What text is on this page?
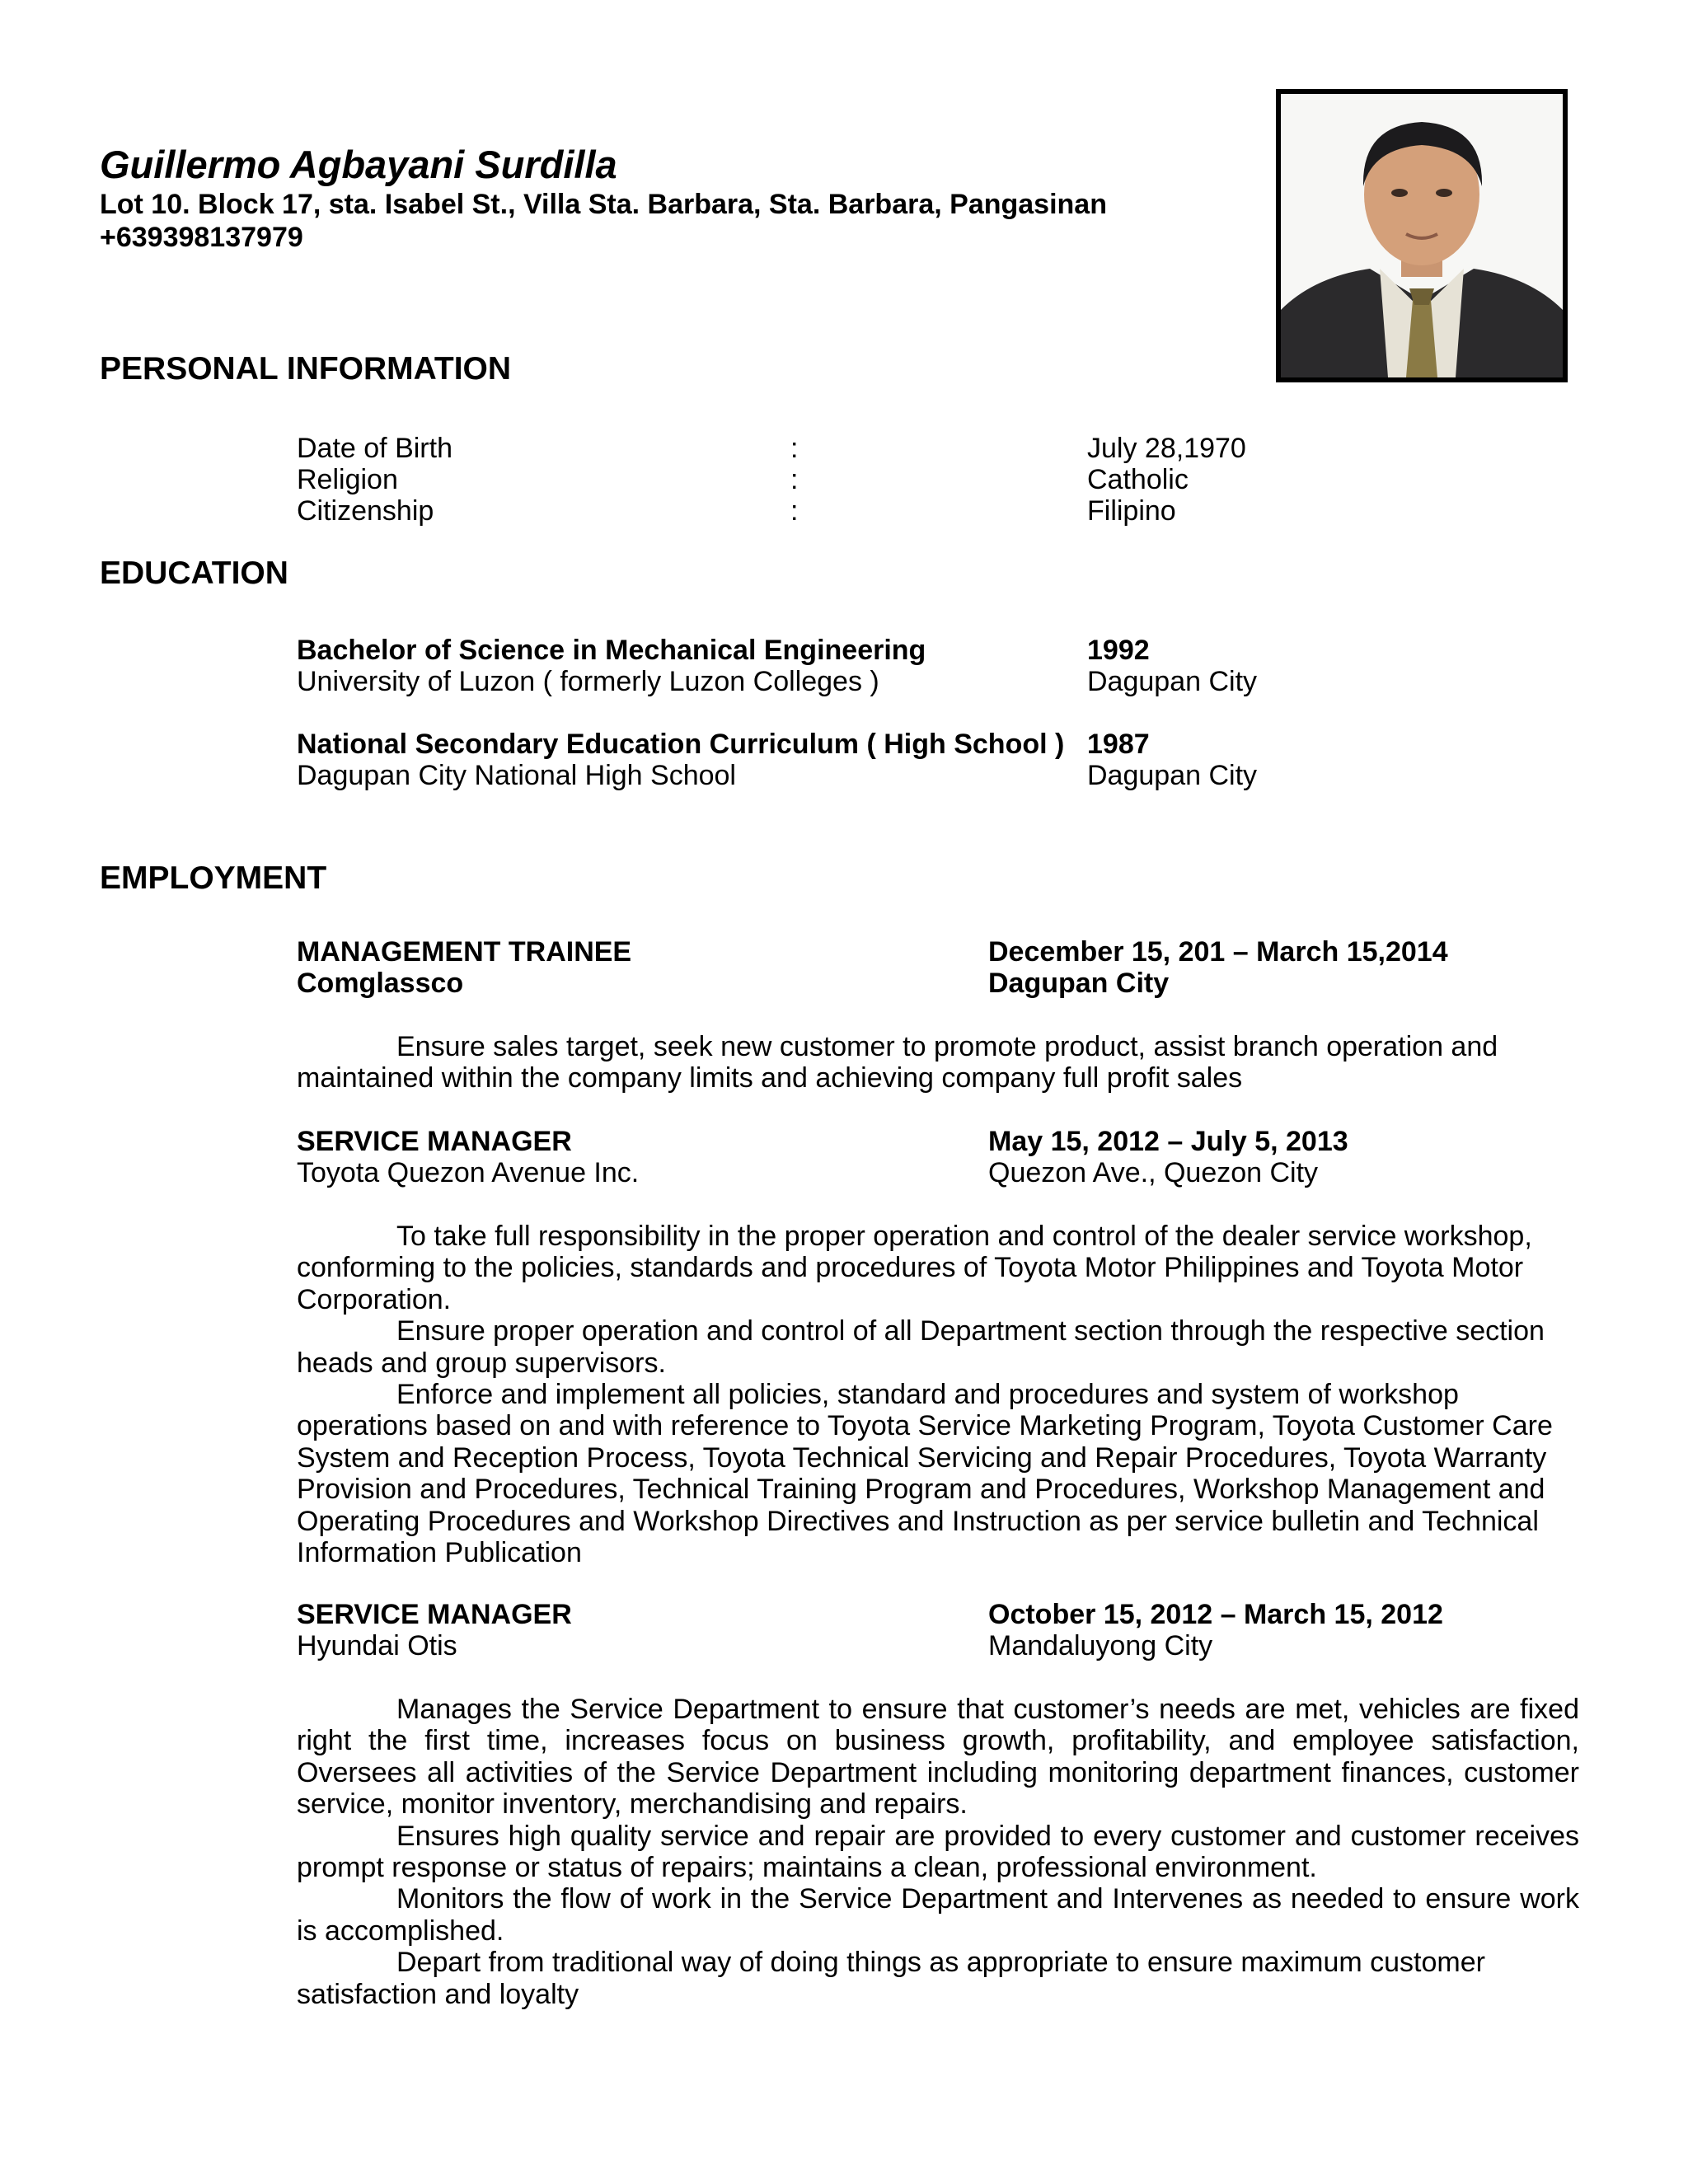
Guillermo Agbayani Surdilla
Lot 10. Block 17, sta. Isabel St., Villa Sta. Barbara, Sta. Barbara, Pangasinan
+639398137979
PERSONAL INFORMATION
Date of Birth	:	July 28,1970
Religion	:	Catholic
Citizenship	:	Filipino
EDUCATION
Bachelor of Science in Mechanical Engineering	1992
University of Luzon ( formerly Luzon Colleges )	Dagupan City
National Secondary Education Curriculum ( High School ) 1987
Dagupan City National High School	Dagupan City
EMPLOYMENT
MANAGEMENT TRAINEE	December 15, 201 – March 15,2014
Comglassco	Dagupan City

Ensure sales target, seek new customer to promote product, assist branch operation and maintained within the company limits and achieving company full profit sales

SERVICE MANAGER	May 15, 2012 – July 5, 2013
Toyota Quezon Avenue Inc.	Quezon Ave., Quezon City

To take full responsibility in the proper operation and control of the dealer service workshop, conforming to the policies, standards and procedures of Toyota Motor Philippines and Toyota Motor Corporation.

Ensure proper operation and control of all Department section through the respective section heads and group supervisors.

Enforce and implement all policies, standard and procedures and system of workshop operations based on and with reference to Toyota Service Marketing Program, Toyota Customer Care System and Reception Process, Toyota Technical Servicing and Repair Procedures, Toyota Warranty Provision and Procedures, Technical Training Program and Procedures, Workshop Management and Operating Procedures and Workshop Directives and Instruction as per service bulletin and Technical Information Publication

SERVICE MANAGER	October 15, 2012 – March 15, 2012
Hyundai Otis	Mandaluyong City

Manages the Service Department to ensure that customer’s needs are met, vehicles are fixed right the first time, increases focus on business growth, profitability, and employee satisfaction, Oversees all activities of the Service Department including monitoring department finances, customer service, monitor inventory, merchandising and repairs.

Ensures high quality service and repair are provided to every customer and customer receives prompt response or status of repairs; maintains a clean, professional environment.

Monitors the flow of work in the Service Department and Intervenes as needed to ensure work is accomplished.

Depart from traditional way of doing things as appropriate to ensure maximum customer satisfaction and loyalty
